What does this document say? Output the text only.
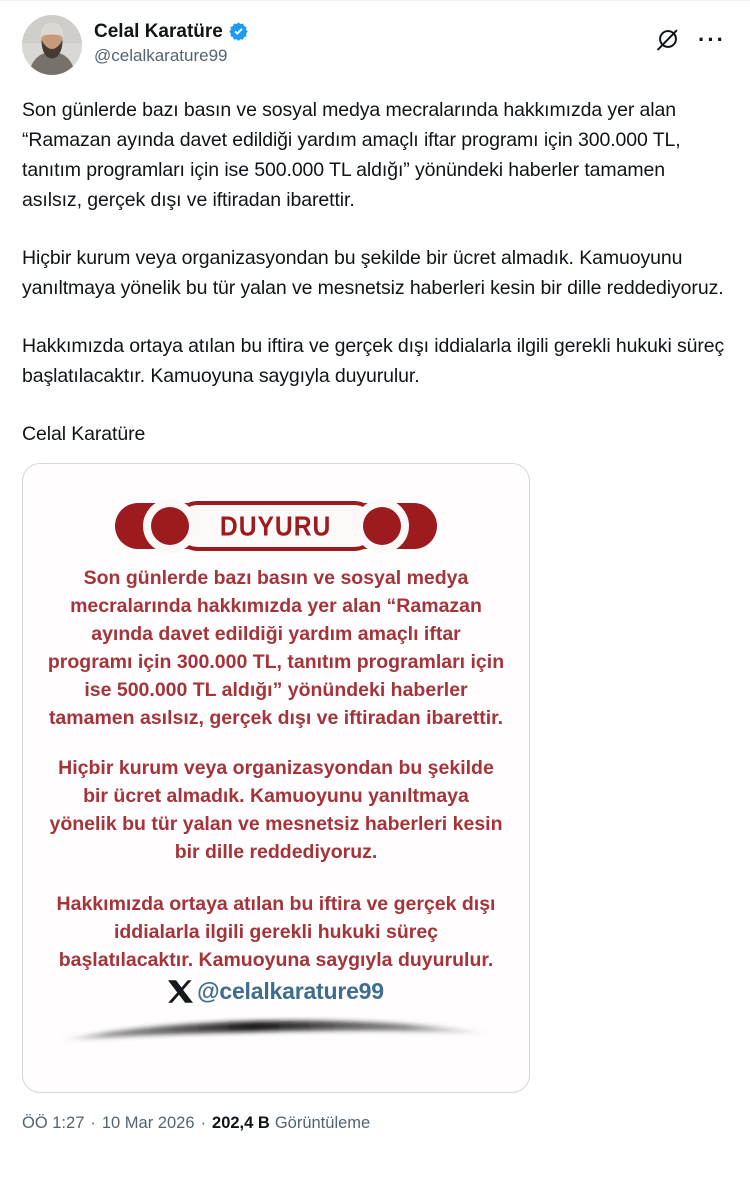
Celal Karatüre
@celalkarature99
···

Son günlerde bazı basın ve sosyal medya mecralarında hakkımızda yer alan “Ramazan ayında davet edildiği yardım amaçlı iftar programı için 300.000 TL, tanıtım programları için ise 500.000 TL aldığı” yönündeki haberler tamamen asılsız, gerçek dışı ve iftiradan ibarettir.

Hiçbir kurum veya organizasyondan bu şekilde bir ücret almadık. Kamuoyunu yanıltmaya yönelik bu tür yalan ve mesnetsiz haberleri kesin bir dille reddediyoruz.

Hakkımızda ortaya atılan bu iftira ve gerçek dışı iddialarla ilgili gerekli hukuki süreç başlatılacaktır. Kamuoyuna saygıyla duyurulur.

Celal Karatüre

DUYURU

Son günlerde bazı basın ve sosyal medya mecralarında hakkımızda yer alan “Ramazan ayında davet edildiği yardım amaçlı iftar programı için 300.000 TL, tanıtım programları için ise 500.000 TL aldığı” yönündeki haberler tamamen asılsız, gerçek dışı ve iftiradan ibarettir.

Hiçbir kurum veya organizasyondan bu şekilde bir ücret almadık. Kamuoyunu yanıltmaya yönelik bu tür yalan ve mesnetsiz haberleri kesin bir dille reddediyoruz.

Hakkımızda ortaya atılan bu iftira ve gerçek dışı iddialarla ilgili gerekli hukuki süreç başlatılacaktır. Kamuoyuna saygıyla duyurulur.

@celalkarature99
ÖÖ 1:27 · 10 Mar 2026 · 202,4 B Görüntüleme
